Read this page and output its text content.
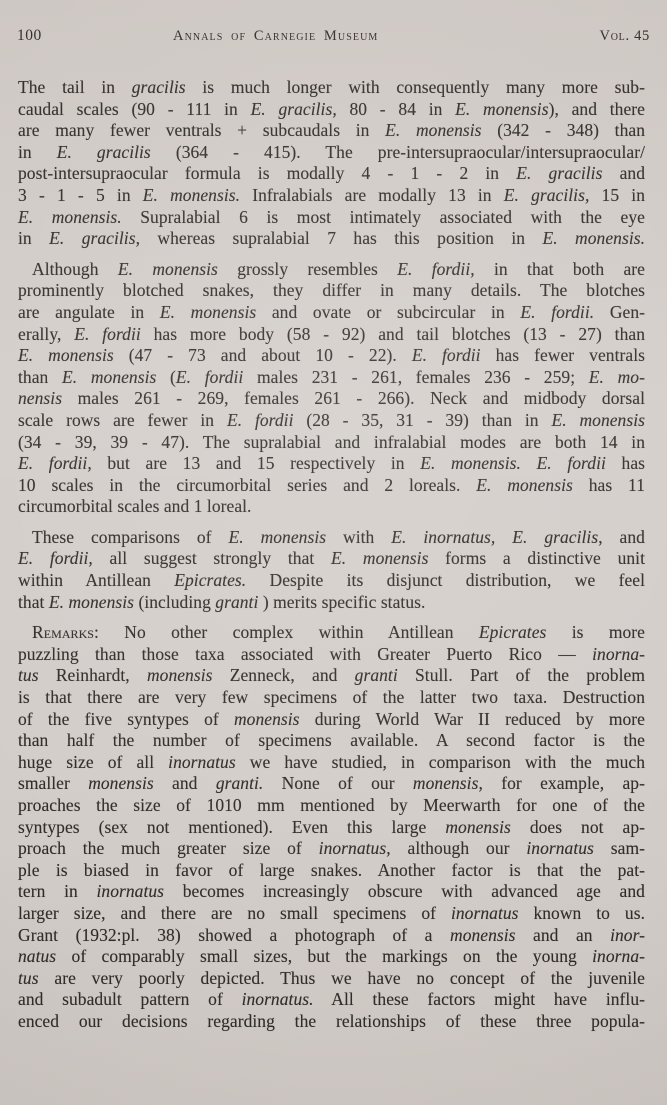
100	Annals of Carnegie Museum	Vol. 45
The tail in gracilis is much longer with consequently many more sub-
caudal scales (90 - 111 in E. gracilis, 80 - 84 in E. monensis), and there
are many fewer ventrals + subcaudals in E. monensis (342 - 348) than
in E. gracilis (364 - 415). The pre-intersupraocular/intersupraocular/
post-intersupraocular formula is modally 4 - 1 - 2 in E. gracilis and
3 - 1 - 5 in E. monensis. Infralabials are modally 13 in E. gracilis, 15 in
E. monensis. Supralabial 6 is most intimately associated with the eye
in E. gracilis, whereas supralabial 7 has this position in E. monensis.
Although E. monensis grossly resembles E. fordii, in that both are
prominently blotched snakes, they differ in many details. The blotches
are angulate in E. monensis and ovate or subcircular in E. fordii. Gen-
erally, E. fordii has more body (58 - 92) and tail blotches (13 - 27) than
E. monensis (47 - 73 and about 10 - 22). E. fordii has fewer ventrals
than E. monensis (E. fordii males 231 - 261, females 236 - 259; E. mo-
nensis males 261 - 269, females 261 - 266). Neck and midbody dorsal
scale rows are fewer in E. fordii (28 - 35, 31 - 39) than in E. monensis
(34 - 39, 39 - 47). The supralabial and infralabial modes are both 14 in
E. fordii, but are 13 and 15 respectively in E. monensis. E. fordii has
10 scales in the circumorbital series and 2 loreals. E. monensis has 11
circumorbital scales and 1 loreal.
These comparisons of E. monensis with E. inornatus, E. gracilis, and
E. fordii, all suggest strongly that E. monensis forms a distinctive unit
within Antillean Epicrates. Despite its disjunct distribution, we feel
that E. monensis (including granti ) merits specific status.
Remarks: No other complex within Antillean Epicrates is more
puzzling than those taxa associated with Greater Puerto Rico — inorna-
tus Reinhardt, monensis Zenneck, and granti Stull. Part of the problem
is that there are very few specimens of the latter two taxa. Destruction
of the five syntypes of monensis during World War II reduced by more
than half the number of specimens available. A second factor is the
huge size of all inornatus we have studied, in comparison with the much
smaller monensis and granti. None of our monensis, for example, ap-
proaches the size of 1010 mm mentioned by Meerwarth for one of the
syntypes (sex not mentioned). Even this large monensis does not ap-
proach the much greater size of inornatus, although our inornatus sam-
ple is biased in favor of large snakes. Another factor is that the pat-
tern in inornatus becomes increasingly obscure with advanced age and
larger size, and there are no small specimens of inornatus known to us.
Grant (1932:pl. 38) showed a photograph of a monensis and an inor-
natus of comparably small sizes, but the markings on the young inorna-
tus are very poorly depicted. Thus we have no concept of the juvenile
and subadult pattern of inornatus. All these factors might have influ-
enced our decisions regarding the relationships of these three popula-
